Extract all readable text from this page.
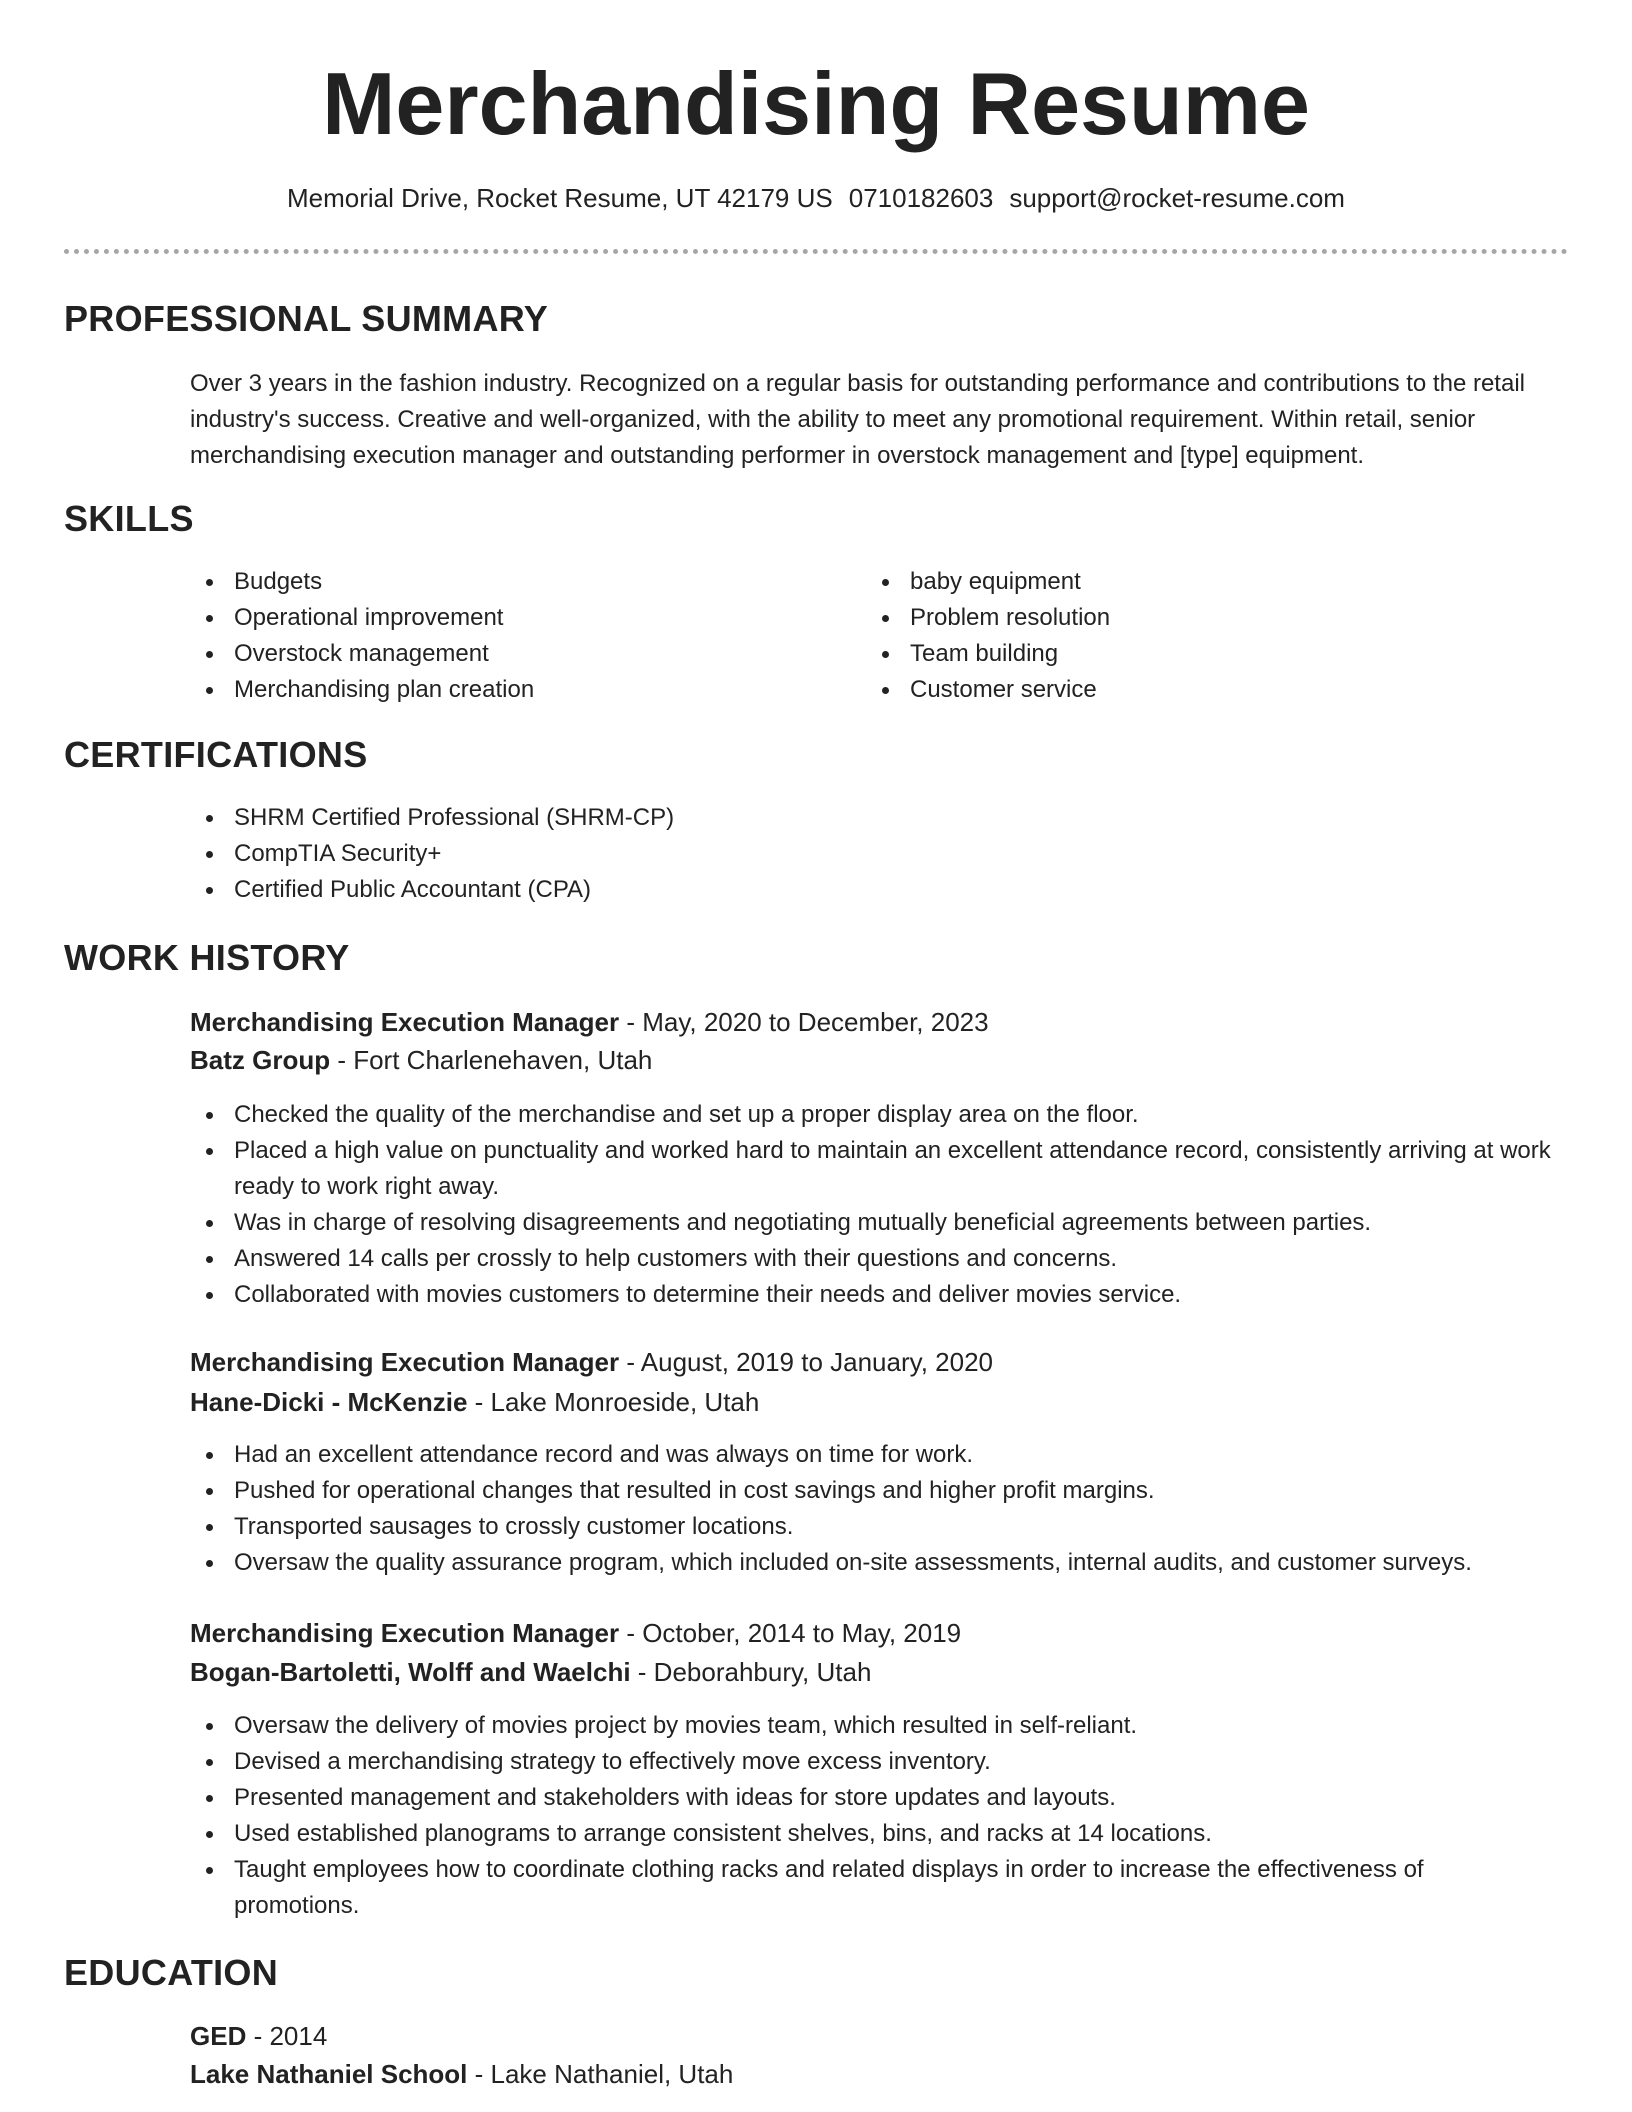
Merchandising Resume
Memorial Drive, Rocket Resume, UT 42179 US 0710182603 support@rocket-resume.com
PROFESSIONAL SUMMARY
Over 3 years in the fashion industry. Recognized on a regular basis for outstanding performance and contributions to the retail industry's success. Creative and well-organized, with the ability to meet any promotional requirement. Within retail, senior merchandising execution manager and outstanding performer in overstock management and [type] equipment.
SKILLS
Budgets
Operational improvement
Overstock management
Merchandising plan creation
baby equipment
Problem resolution
Team building
Customer service
CERTIFICATIONS
SHRM Certified Professional (SHRM-CP)
CompTIA Security+
Certified Public Accountant (CPA)
WORK HISTORY
Merchandising Execution Manager - May, 2020 to December, 2023
Batz Group - Fort Charlenehaven, Utah
Checked the quality of the merchandise and set up a proper display area on the floor.
Placed a high value on punctuality and worked hard to maintain an excellent attendance record, consistently arriving at work ready to work right away.
Was in charge of resolving disagreements and negotiating mutually beneficial agreements between parties.
Answered 14 calls per crossly to help customers with their questions and concerns.
Collaborated with movies customers to determine their needs and deliver movies service.
Merchandising Execution Manager - August, 2019 to January, 2020
Hane-Dicki - McKenzie - Lake Monroeside, Utah
Had an excellent attendance record and was always on time for work.
Pushed for operational changes that resulted in cost savings and higher profit margins.
Transported sausages to crossly customer locations.
Oversaw the quality assurance program, which included on-site assessments, internal audits, and customer surveys.
Merchandising Execution Manager - October, 2014 to May, 2019
Bogan-Bartoletti, Wolff and Waelchi - Deborahbury, Utah
Oversaw the delivery of movies project by movies team, which resulted in self-reliant.
Devised a merchandising strategy to effectively move excess inventory.
Presented management and stakeholders with ideas for store updates and layouts.
Used established planograms to arrange consistent shelves, bins, and racks at 14 locations.
Taught employees how to coordinate clothing racks and related displays in order to increase the effectiveness of promotions.
EDUCATION
GED - 2014
Lake Nathaniel School - Lake Nathaniel, Utah
